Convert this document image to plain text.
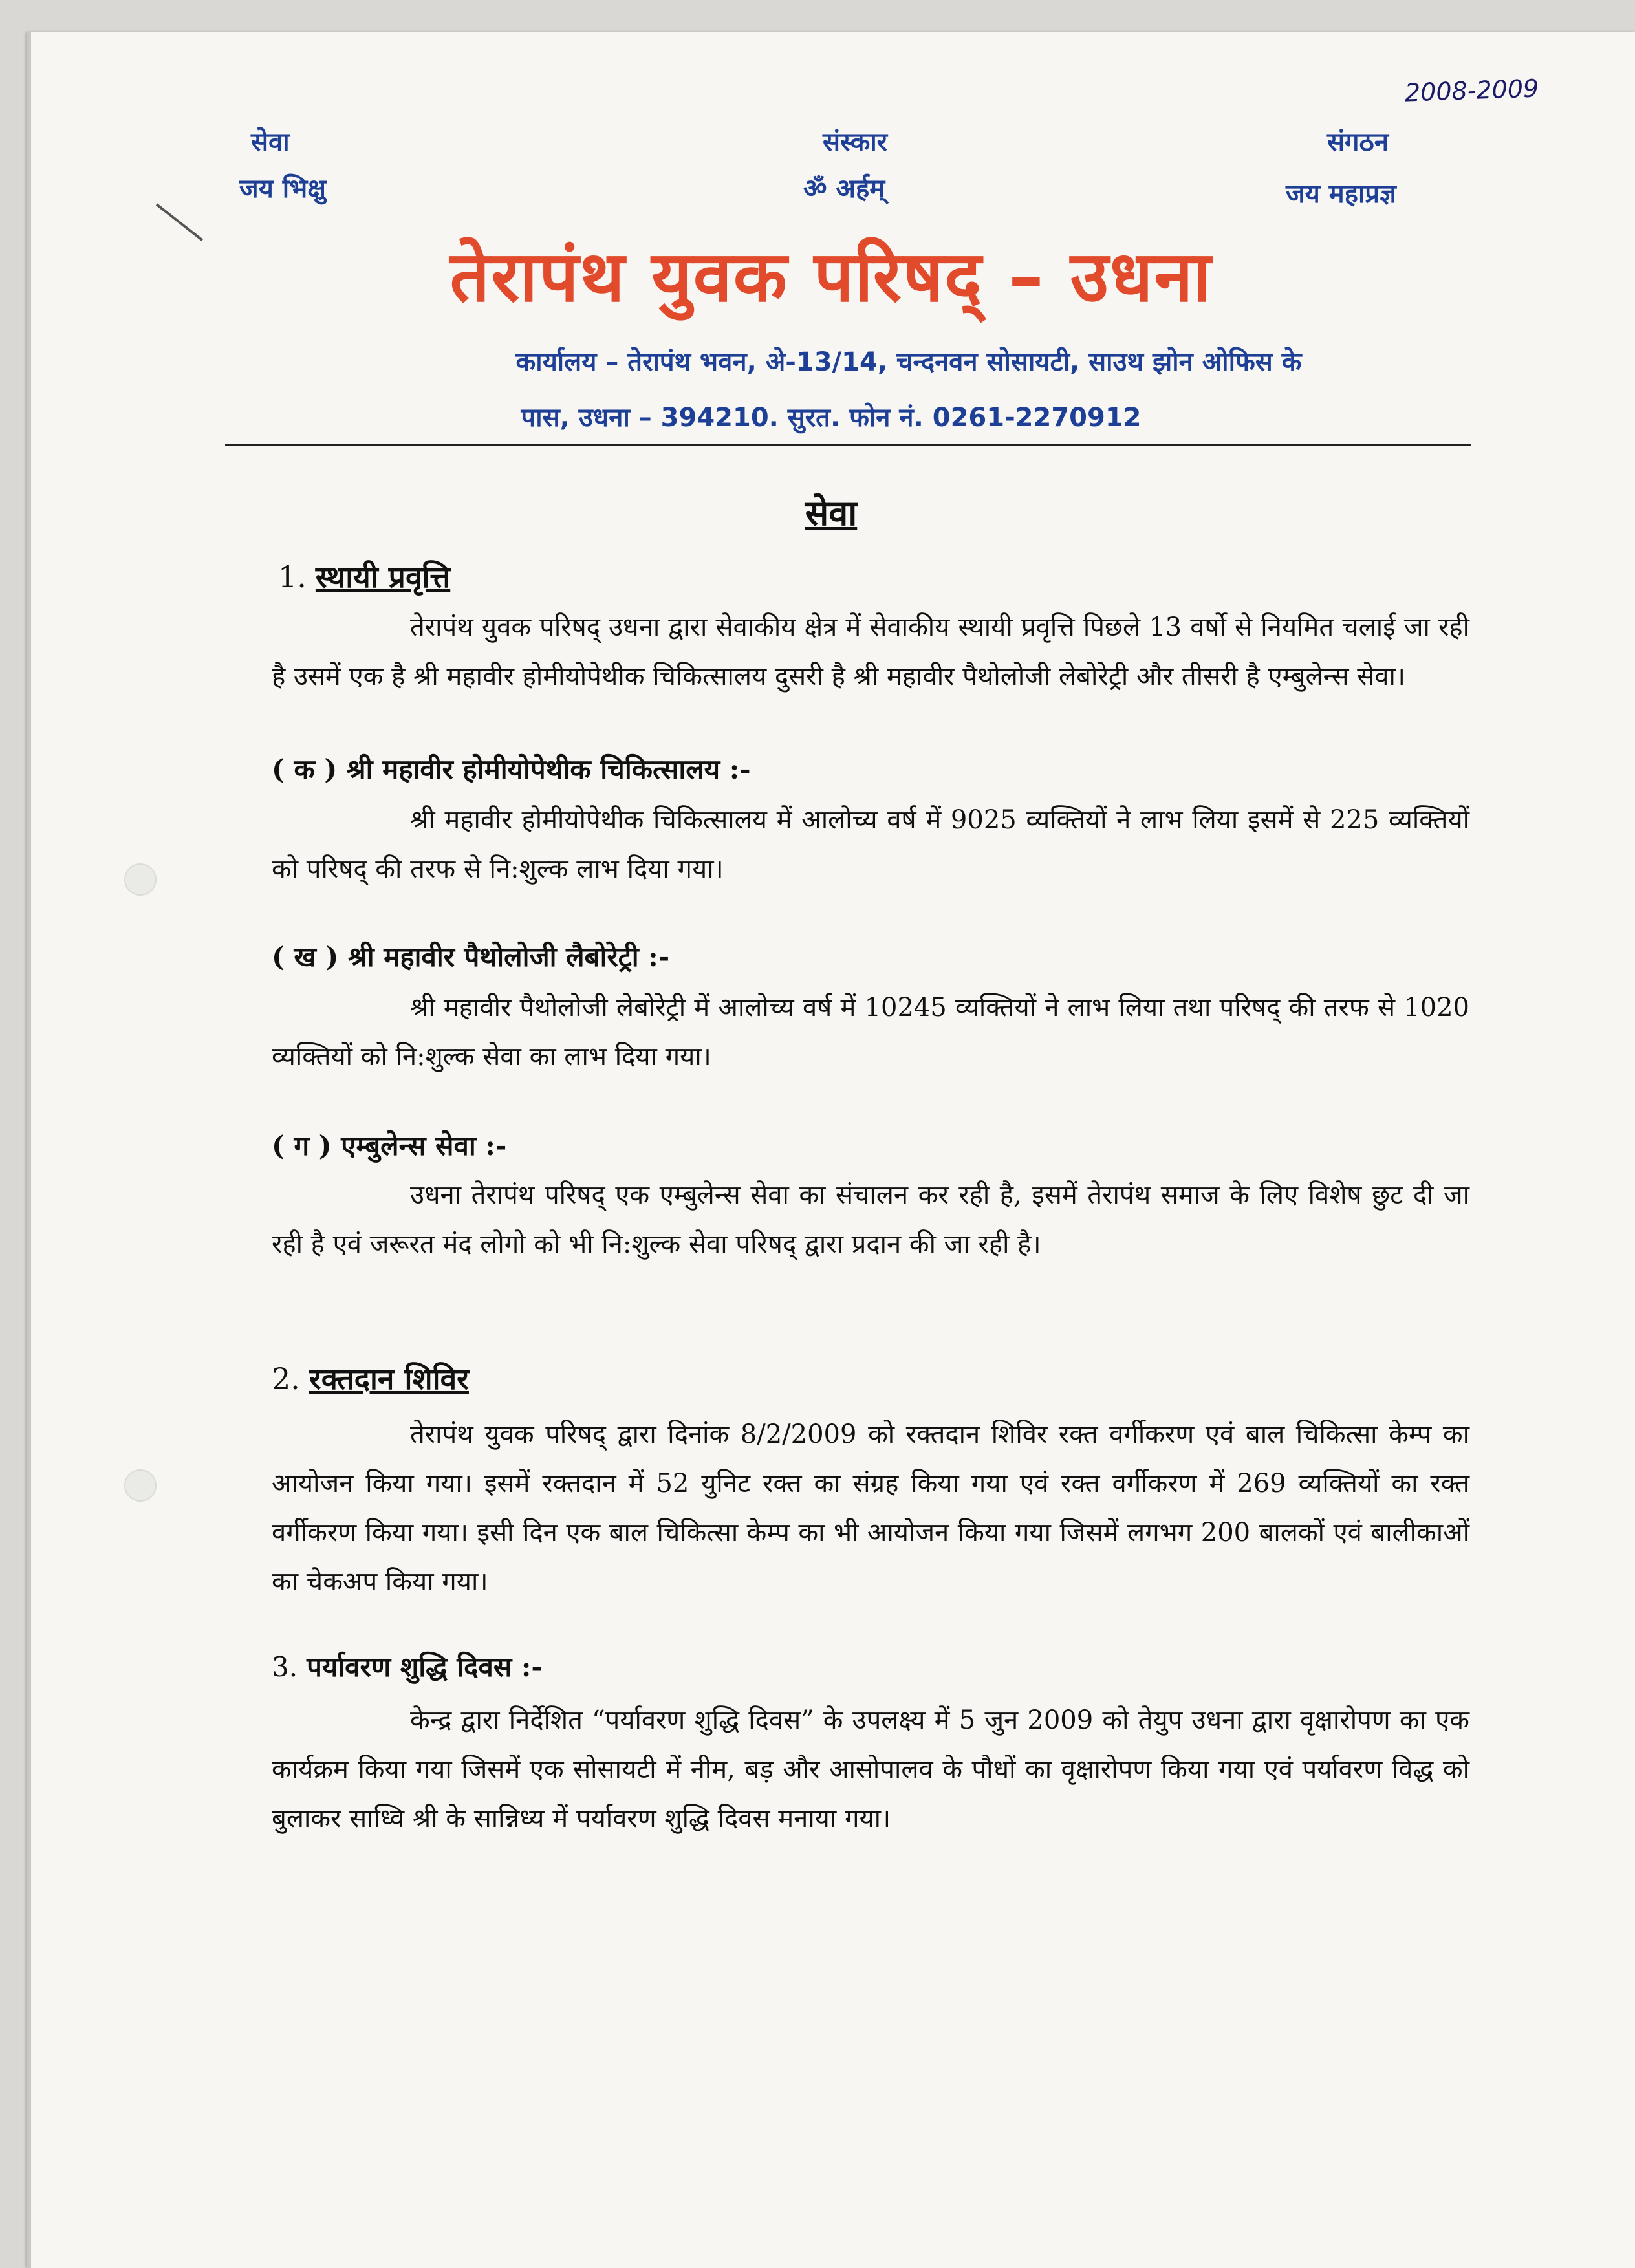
2008-2009
सेवा
जय भिक्षु
संस्कार
ॐ अर्हम्
संगठन
जय महाप्रज्ञ
तेरापंथ युवक परिषद् – उधना
कार्यालय – तेरापंथ भवन, अे-13/14, चन्दनवन सोसायटी, साउथ झोन ओफिस के
पास, उधना – 394210. सुरत. फोन नं. 0261-2270912
सेवा
1. स्थायी प्रवृत्ति
तेरापंथ युवक परिषद् उधना द्वारा सेवाकीय क्षेत्र में सेवाकीय स्थायी प्रवृत्ति पिछले 13 वर्षो से नियमित चलाई जा रही है उसमें एक है श्री महावीर होमीयोपेथीक चिकित्सालय दुसरी है श्री महावीर पैथोलोजी लेबोरेट्री और तीसरी है एम्बुलेन्स सेवा।
( क ) श्री महावीर होमीयोपेथीक चिकित्सालय :-
श्री महावीर होमीयोपेथीक चिकित्सालय में आलोच्य वर्ष में 9025 व्यक्तियों ने लाभ लिया इसमें से 225 व्यक्तियों को परिषद् की तरफ से नि:शुल्क लाभ दिया गया।
( ख ) श्री महावीर पैथोलोजी लैबोरेट्री :-
श्री महावीर पैथोलोजी लेबोरेट्री में आलोच्य वर्ष में 10245 व्यक्तियों ने लाभ लिया तथा परिषद् की तरफ से 1020 व्यक्तियों को नि:शुल्क सेवा का लाभ दिया गया।
( ग ) एम्बुलेन्स सेवा :-
उधना तेरापंथ परिषद् एक एम्बुलेन्स सेवा का संचालन कर रही है, इसमें तेरापंथ समाज के लिए विशेष छुट दी जा रही है एवं जरूरत मंद लोगो को भी नि:शुल्क सेवा परिषद् द्वारा प्रदान की जा रही है।
2. रक्तदान शिविर
तेरापंथ युवक परिषद् द्वारा दिनांक 8/2/2009 को रक्तदान शिविर रक्त वर्गीकरण एवं बाल चिकित्सा केम्प का आयोजन किया गया। इसमें रक्तदान में 52 युनिट रक्त का संग्रह किया गया एवं रक्त वर्गीकरण में 269 व्यक्तियों का रक्त वर्गीकरण किया गया। इसी दिन एक बाल चिकित्सा केम्प का भी आयोजन किया गया जिसमें लगभग 200 बालकों एवं बालीकाओं का चेकअप किया गया।
3. पर्यावरण शुद्धि दिवस :-
केन्द्र द्वारा निर्देशित “पर्यावरण शुद्धि दिवस” के उपलक्ष्य में 5 जुन 2009 को तेयुप उधना द्वारा वृक्षारोपण का एक कार्यक्रम किया गया जिसमें एक सोसायटी में नीम, बड़ और आसोपालव के पौधों का वृक्षारोपण किया गया एवं पर्यावरण विद्ध को बुलाकर साध्वि श्री के सान्निध्य में पर्यावरण शुद्धि दिवस मनाया गया।
